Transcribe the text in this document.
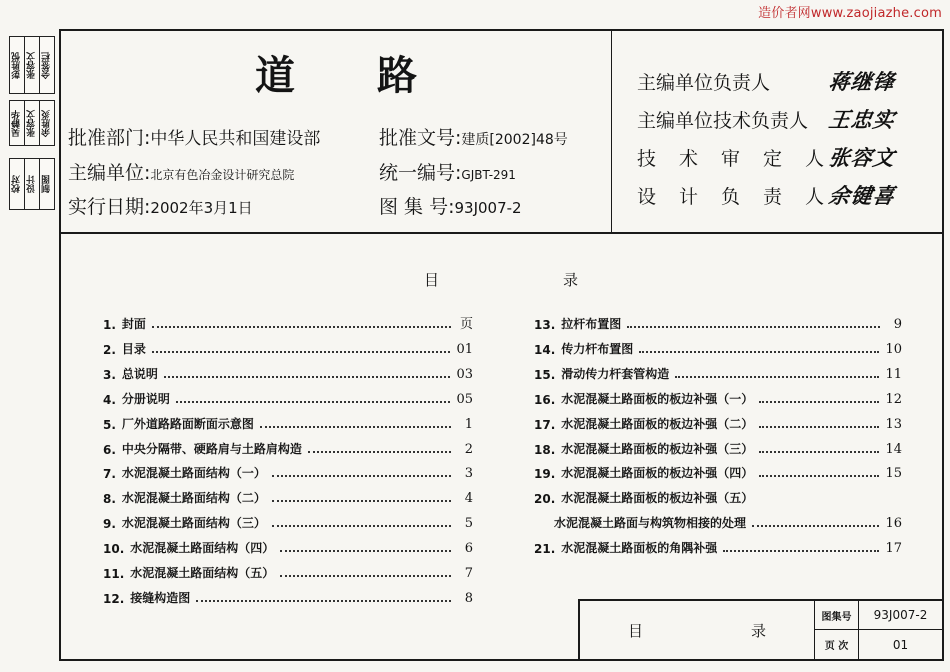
造价者网www.zaojiazhe.com
彭胜悦 张容文 会签栏
吴静华 张容文 余胜炎
校对 设计 制图
道路
批准部门:中华人民共和国建设部
主编单位:北京有色冶金设计研究总院
实行日期:2002年3月1日
批准文号:建质[2002]48号
统一编号:GJBT-291
图 集 号:93J007-2
主编单位负责人	蒋继锋
主编单位技术负责人 王忠实
技 术 审 定 人 张容文
设 计 负 责 人 余键喜
目	录
1. 封面	页
2. 目录	01
3. 总说明	03
4. 分册说明	05
5. 厂外道路路面断面示意图	1
6. 中央分隔带、硬路肩与土路肩构造	2
7. 水泥混凝土路面结构（一）	3
8. 水泥混凝土路面结构（二）	4
9. 水泥混凝土路面结构（三）	5
10. 水泥混凝土路面结构（四）	6
11. 水泥混凝土路面结构（五）	7
12. 接缝构造图	8
13. 拉杆布置图	9
14. 传力杆布置图	10
15. 滑动传力杆套管构造	11
16. 水泥混凝土路面板的板边补强（一）	12
17. 水泥混凝土路面板的板边补强（二）	13
18. 水泥混凝土路面板的板边补强（三）	14
19. 水泥混凝土路面板的板边补强（四）	15
20. 水泥混凝土路面板的板边补强（五）
水泥混凝土路面与构筑物相接的处理	16
21. 水泥混凝土路面板的角隅补强	17
目	录
图集号	93J007-2
页 次	01
